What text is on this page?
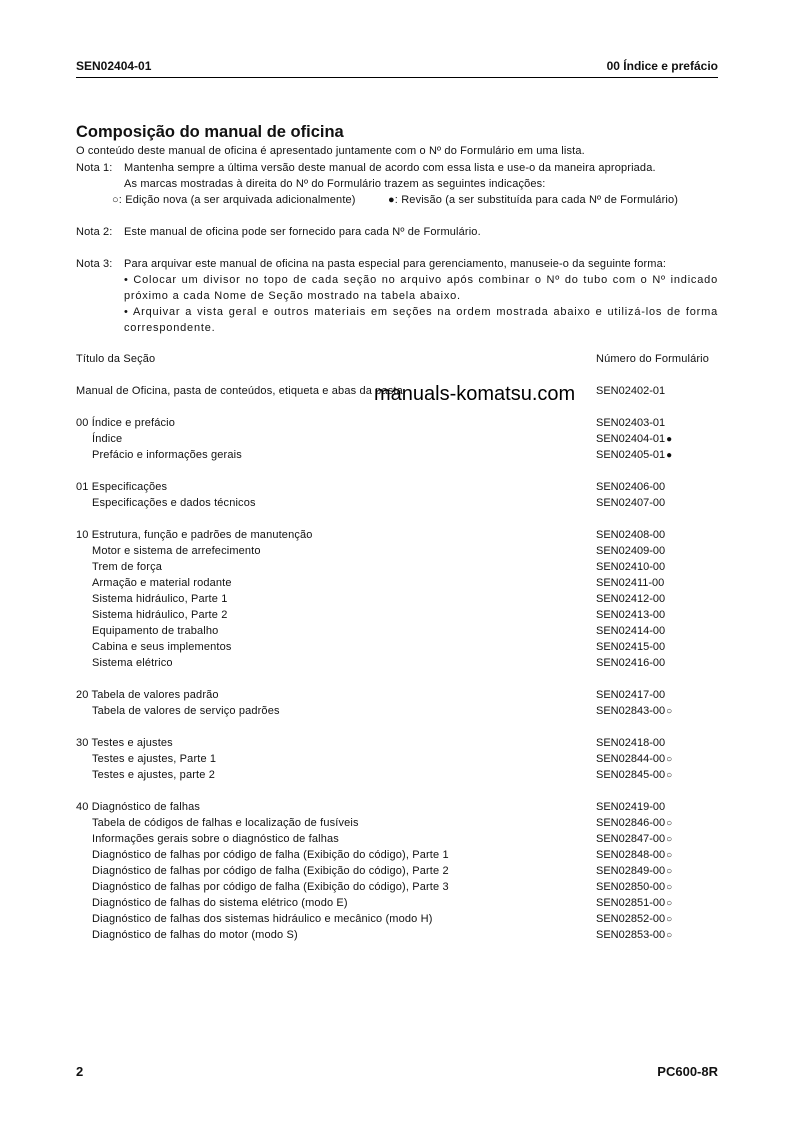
SEN02404-01	00 Índice e prefácio
Composição do manual de oficina
O conteúdo deste manual de oficina é apresentado juntamente com o Nº do Formulário em uma lista.
Nota 1: Mantenha sempre a última versão deste manual de acordo com essa lista e use-o da maneira apropriada.
As marcas mostradas à direita do Nº do Formulário trazem as seguintes indicações:
○: Edição nova (a ser arquivada adicionalmente)	●: Revisão (a ser substituída para cada Nº de Formulário)
Nota 2: Este manual de oficina pode ser fornecido para cada Nº de Formulário.
Nota 3: Para arquivar este manual de oficina na pasta especial para gerenciamento, manuseie-o da seguinte forma:
• Colocar um divisor no topo de cada seção no arquivo após combinar o Nº do tubo com o Nº indicado próximo a cada Nome de Seção mostrado na tabela abaixo.
• Arquivar a vista geral e outros materiais em seções na ordem mostrada abaixo e utilizá-los de forma correspondente.
Título da Seção	Número do Formulário
Manual de Oficina, pasta de conteúdos, etiqueta e abas da pasta	SEN02402-01
00 Índice e prefácio	SEN02403-01
Índice	SEN02404-01●
Prefácio e informações gerais	SEN02405-01●
01 Especificações	SEN02406-00
Especificações e dados técnicos	SEN02407-00
10 Estrutura, função e padrões de manutenção	SEN02408-00
Motor e sistema de arrefecimento	SEN02409-00
Trem de força	SEN02410-00
Armação e material rodante	SEN02411-00
Sistema hidráulico, Parte 1	SEN02412-00
Sistema hidráulico, Parte 2	SEN02413-00
Equipamento de trabalho	SEN02414-00
Cabina e seus implementos	SEN02415-00
Sistema elétrico	SEN02416-00
20 Tabela de valores padrão	SEN02417-00
Tabela de valores de serviço padrões	SEN02843-00○
30 Testes e ajustes	SEN02418-00
Testes e ajustes, Parte 1	SEN02844-00○
Testes e ajustes, parte 2	SEN02845-00○
40 Diagnóstico de falhas	SEN02419-00
Tabela de códigos de falhas e localização de fusíveis	SEN02846-00○
Informações gerais sobre o diagnóstico de falhas	SEN02847-00○
Diagnóstico de falhas por código de falha (Exibição do código), Parte 1	SEN02848-00○
Diagnóstico de falhas por código de falha (Exibição do código), Parte 2	SEN02849-00○
Diagnóstico de falhas por código de falha (Exibição do código), Parte 3	SEN02850-00○
Diagnóstico de falhas do sistema elétrico (modo E)	SEN02851-00○
Diagnóstico de falhas dos sistemas hidráulico e mecânico (modo H)	SEN02852-00○
Diagnóstico de falhas do motor (modo S)	SEN02853-00○
manuals-komatsu.com
2	PC600-8R
